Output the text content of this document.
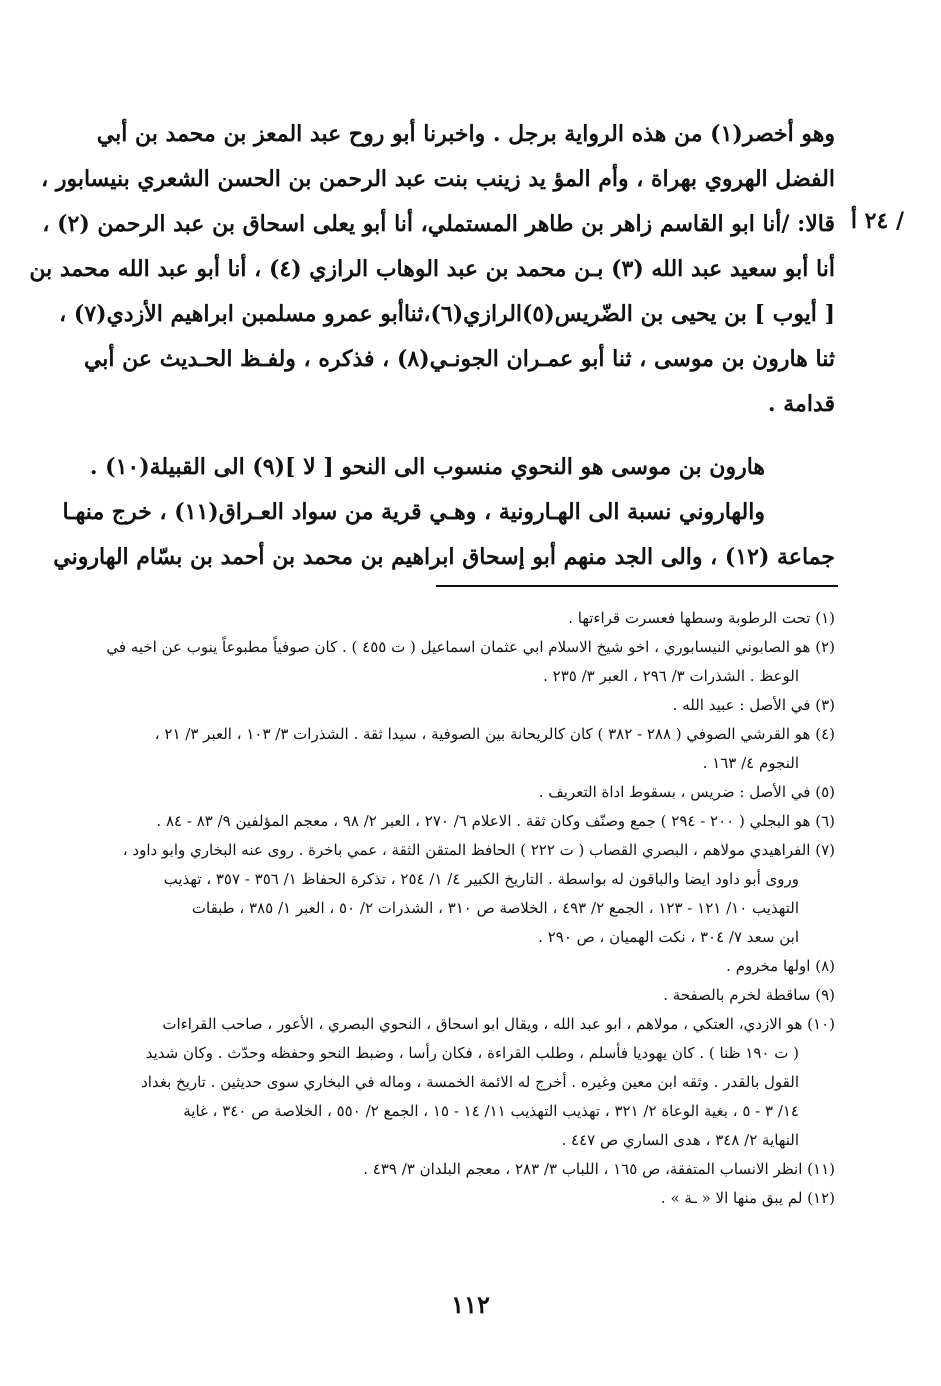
/ ٢٤ أ
وهو أخصر(١) من هذه الرواية برجل . واخبرنا أبو روح عبد المعز بن محمد بن أبي
الفضل الهروي بهراة ، وأم المؤ يد زينب بنت عبد الرحمن بن الحسن الشعري بنيسابور ،
قالا: /أنا ابو القاسم زاهر بن طاهر المستملي، أنا أبو يعلى اسحاق بن عبد الرحمن (٢) ،
أنا أبو سعيد عبد الله (٣) بـن محمد بن عبد الوهاب الرازي (٤) ، أنا أبو عبد الله محمد بن
[ أيوب ] بن يحيى بن الضّريس(٥)الرازي(٦)،ثناأبو عمرو مسلمبن ابراهيم الأزدي(٧) ،
ثنا هارون بن موسى ، ثنا أبو عمـران الجونـي(٨) ، فذكره ، ولفـظ الحـديث عن أبي
قدامة .
هارون بن موسى هو النحوي منسوب الى النحو [ لا ](٩) الى القبيلة(١٠) .
والهاروني نسبة الى الهـارونية ، وهـي قرية من سواد العـراق(١١) ، خرج منهـا
جماعة (١٢) ، والى الجد منهم أبو إسحاق ابراهيم بن محمد بن أحمد بن بسّام الهاروني
(١) تحت الرطوبة وسطها فعسرت قراءتها .
(٢) هو الصابوني النيسابوري ، اخو شيخ الاسلام ابي عثمان اسماعيل ( ت ٤٥٥ ) . كان صوفياً مطبوعاً ينوب عن اخيه في
الوعظ . الشذرات ٣/ ٢٩٦ ، العبر ٣/ ٢٣٥ .
(٣) في الأصل : عبيد الله .
(٤) هو القرشي الصوفي ( ٢٨٨ - ٣٨٢ ) كان كالريحانة بين الصوفية ، سيدا ثقة . الشذرات ٣/ ١٠٣ ، العبر ٣/ ٢١ ،
النجوم ٤/ ١٦٣ .
(٥) في الأصل : ضريس ، بسقوط اداة التعريف .
(٦) هو البجلي ( ٢٠٠ - ٢٩٤ ) جمع وصنّف وكان ثقة . الاعلام ٦/ ٢٧٠ ، العبر ٢/ ٩٨ ، معجم المؤلفين ٩/ ٨٣ - ٨٤ .
(٧) الفراهيدي مولاهم ، البصري القصاب ( ت ٢٢٢ ) الحافظ المتقن الثقة ، عمي باخرة . روى عنه البخاري وابو داود ،
وروى أبو داود ايضا والباقون له بواسطة . التاريخ الكبير ٤/ ١/ ٢٥٤ ، تذكرة الحفاظ ١/ ٣٥٦ - ٣٥٧ ، تهذيب
التهذيب ١٠/ ١٢١ - ١٢٣ ، الجمع ٢/ ٤٩٣ ، الخلاصة ص ٣١٠ ، الشذرات ٢/ ٥٠ ، العبر ١/ ٣٨٥ ، طبقات
ابن سعد ٧/ ٣٠٤ ، نكت الهميان ، ص ٢٩٠ .
(٨) اولها مخروم .
(٩) ساقطة لخرم بالصفحة .
(١٠) هو الازدي، العتكي ، مولاهم ، ابو عبد الله ، ويقال ابو اسحاق ، النحوي البصري ، الأعور ، صاحب القراءات
( ت ١٩٠ ظنا ) . كان يهوديا فأسلم ، وطلب القراءة ، فكان رأسا ، وضبط النحو وحفظه وحدّث . وكان شديد
القول بالقدر . وثقه ابن معين وغيره . أخرج له الائمة الخمسة ، وماله في البخاري سوى حديثين . تاريخ بغداد
١٤/ ٣ - ٥ ، بغية الوعاة ٢/ ٣٢١ ، تهذيب التهذيب ١١/ ١٤ - ١٥ ، الجمع ٢/ ٥٥٠ ، الخلاصة ص ٣٤٠ ، غاية
النهاية ٢/ ٣٤٨ ، هدى الساري ص ٤٤٧ .
(١١) انظر الانساب المتفقة، ص ١٦٥ ، اللباب ٣/ ٢٨٣ ، معجم البلدان ٣/ ٤٣٩ .
(١٢) لم يبق منها الا « ـة » .
١١٢
